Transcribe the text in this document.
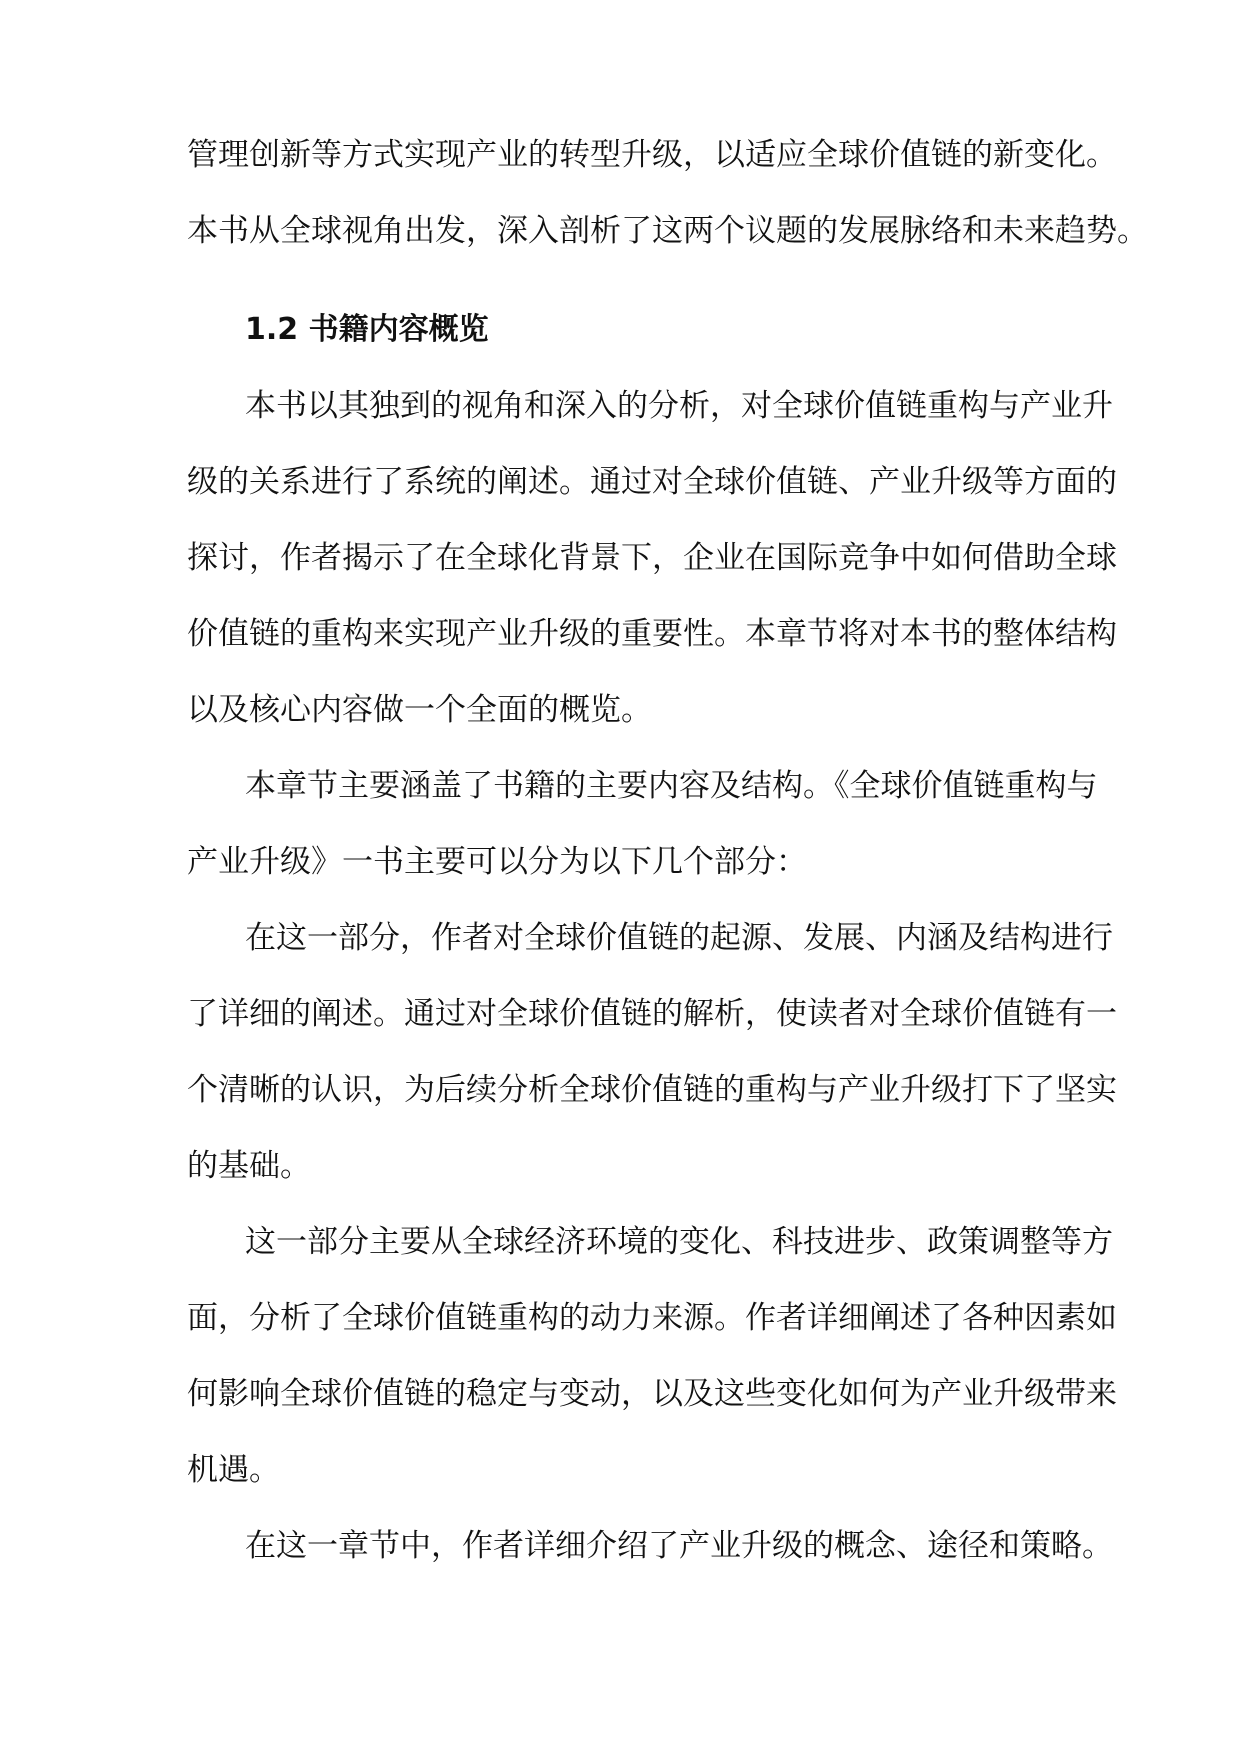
管理创新等方式实现产业的转型升级，以适应全球价值链的新变化。
本书从全球视角出发，深入剖析了这两个议题的发展脉络和未来趋势。
1.2 书籍内容概览
本书以其独到的视角和深入的分析，对全球价值链重构与产业升
级的关系进行了系统的阐述。通过对全球价值链、产业升级等方面的
探讨，作者揭示了在全球化背景下，企业在国际竞争中如何借助全球
价值链的重构来实现产业升级的重要性。本章节将对本书的整体结构
以及核心内容做一个全面的概览。
本章节主要涵盖了书籍的主要内容及结构。《全球价值链重构与
产业升级》一书主要可以分为以下几个部分：
在这一部分，作者对全球价值链的起源、发展、内涵及结构进行
了详细的阐述。通过对全球价值链的解析，使读者对全球价值链有一
个清晰的认识，为后续分析全球价值链的重构与产业升级打下了坚实
的基础。
这一部分主要从全球经济环境的变化、科技进步、政策调整等方
面，分析了全球价值链重构的动力来源。作者详细阐述了各种因素如
何影响全球价值链的稳定与变动，以及这些变化如何为产业升级带来
机遇。
在这一章节中，作者详细介绍了产业升级的概念、途径和策略。
